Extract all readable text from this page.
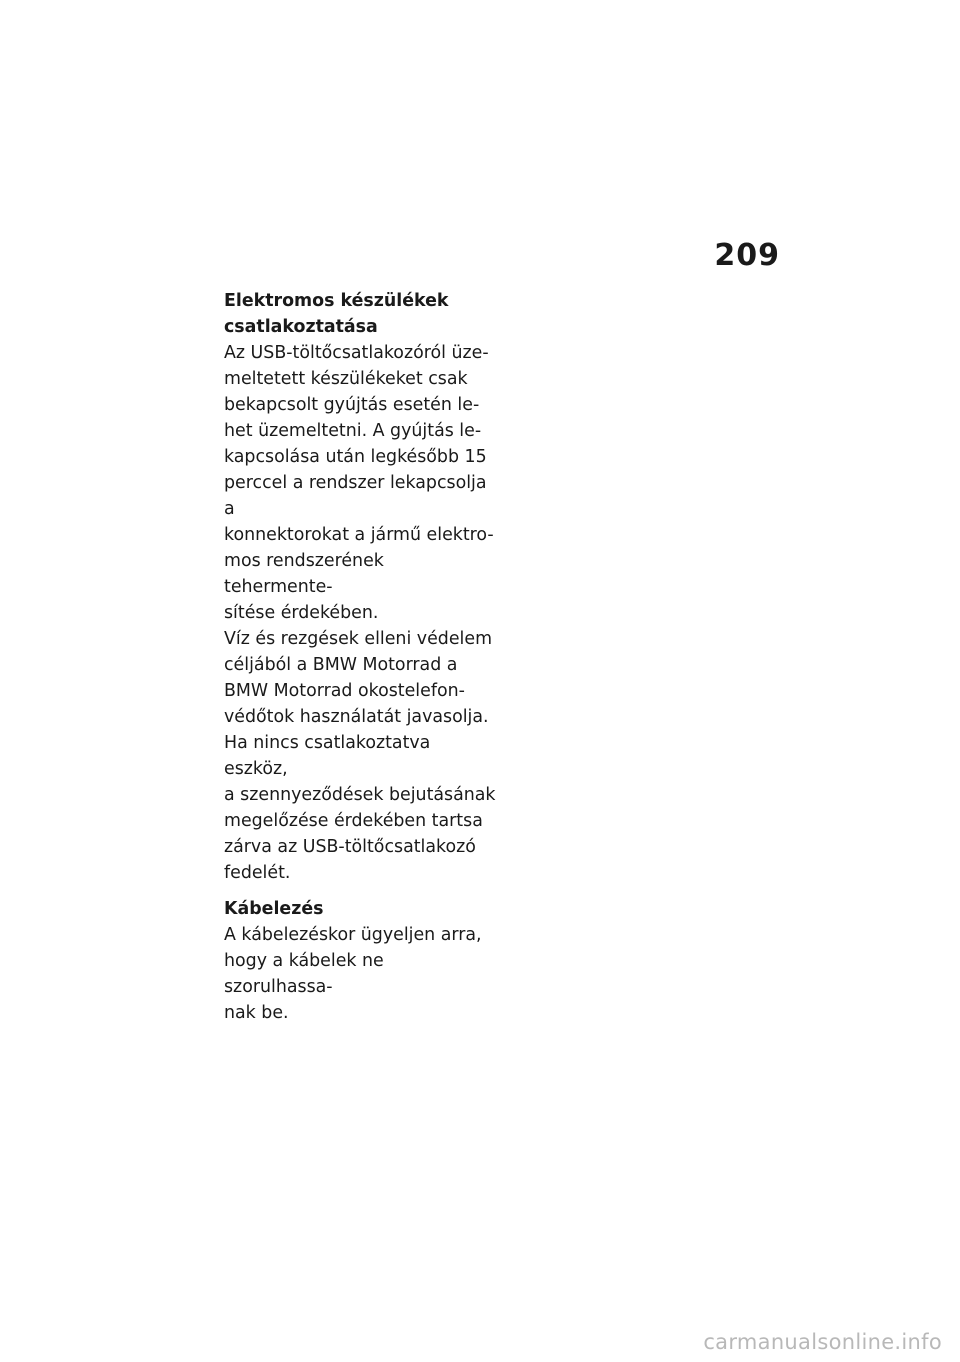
209
Elektromos készülékek
csatlakoztatása

Az USB-töltőcsatlakozóról üze-
meltetett készülékeket csak
bekapcsolt gyújtás esetén le-
het üzemeltetni. A gyújtás le-
kapcsolása után legkésőbb 15
perccel a rendszer lekapcsolja a
konnektorokat a jármű elektro-
mos rendszerének tehermente-
sítése érdekében.

Víz és rezgések elleni védelem
céljából a BMW Motorrad a
BMW Motorrad okostelefon-
védőtok használatát javasolja.

Ha nincs csatlakoztatva eszköz,
a szennyeződések bejutásának
megelőzése érdekében tartsa
zárva az USB-töltőcsatlakozó
fedelét.

Kábelezés

A kábelezéskor ügyeljen arra,
hogy a kábelek ne szorulhassa-
nak be.

carmanualsonline.info
